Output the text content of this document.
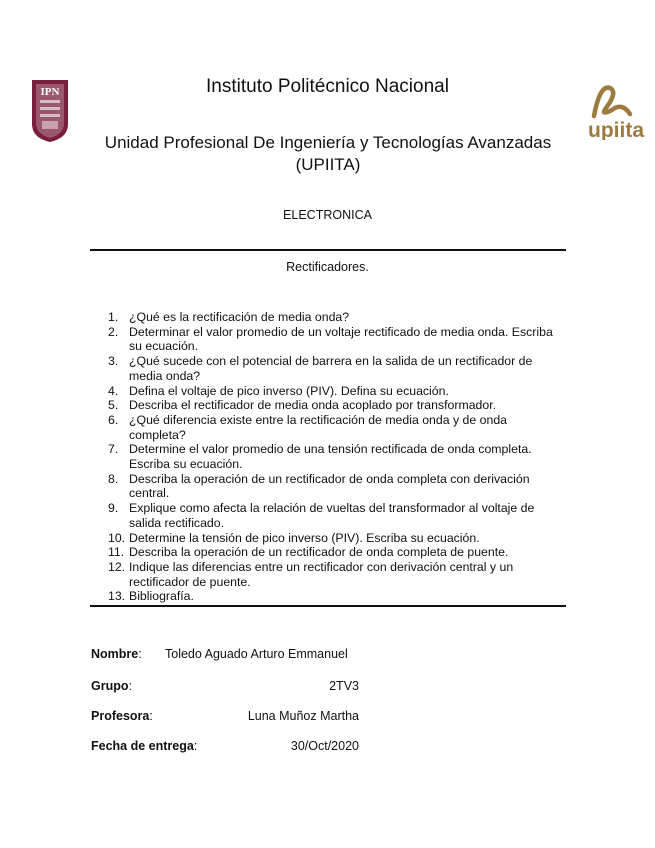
IPN
upiita
Instituto Politécnico Nacional
Unidad Profesional De Ingeniería y Tecnologías Avanzadas
(UPIITA)
ELECTRONICA
Rectificadores.
1. ¿Qué es la rectificación de media onda?
2. Determinar el valor promedio de un voltaje rectificado de media onda. Escriba su ecuación.
3. ¿Qué sucede con el potencial de barrera en la salida de un rectificador de media onda?
4. Defina el voltaje de pico inverso (PIV). Defina su ecuación.
5. Describa el rectificador de media onda acoplado por transformador.
6. ¿Qué diferencia existe entre la rectificación de media onda y de onda completa?
7. Determine el valor promedio de una tensión rectificada de onda completa. Escriba su ecuación.
8. Describa la operación de un rectificador de onda completa con derivación central.
9. Explique como afecta la relación de vueltas del transformador al voltaje de salida rectificado.
10. Determine la tensión de pico inverso (PIV). Escriba su ecuación.
11. Describa la operación de un rectificador de onda completa de puente.
12. Indique las diferencias entre un rectificador con derivación central y un rectificador de puente.
13. Bibliografía.
Nombre: Toledo Aguado Arturo Emmanuel
Grupo:	2TV3
Profesora:	Luna Muñoz Martha
Fecha de entrega:	30/Oct/2020
